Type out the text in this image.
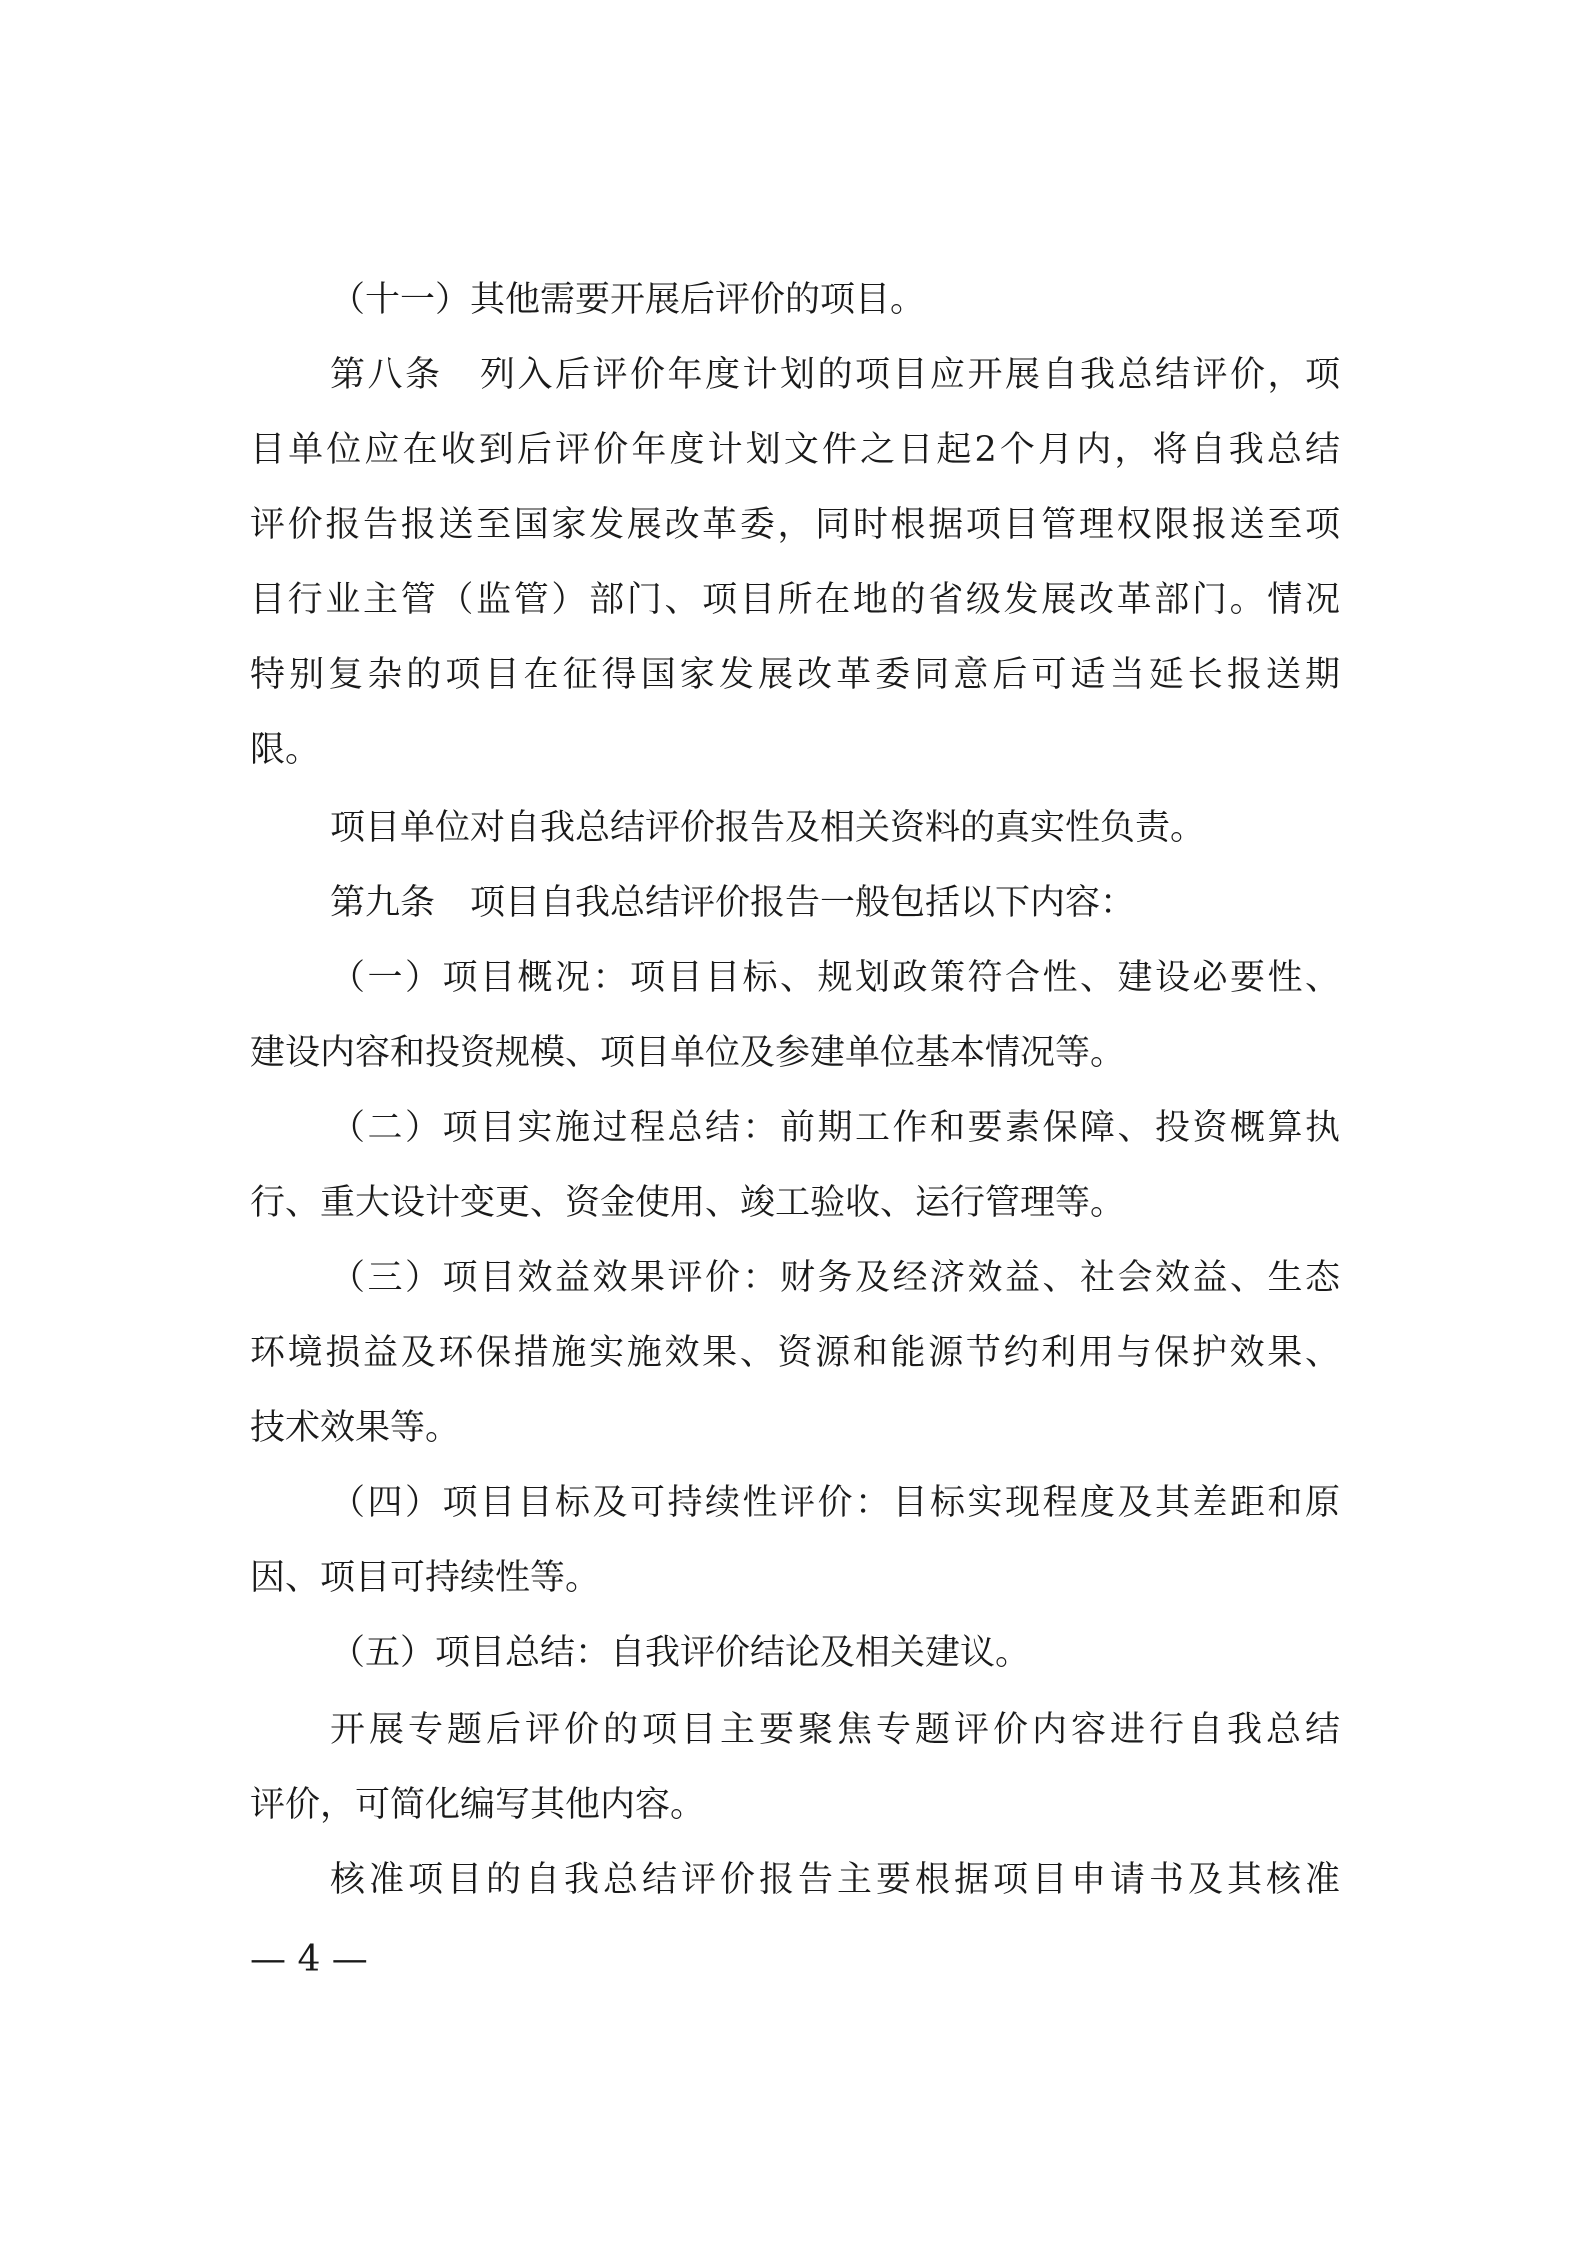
（十一）其他需要开展后评价的项目。
第八条　列入后评价年度计划的项目应开展自我总结评价，项
目单位应在收到后评价年度计划文件之日起2个月内，将自我总结
评价报告报送至国家发展改革委，同时根据项目管理权限报送至项
目行业主管（监管）部门、项目所在地的省级发展改革部门。情况
特别复杂的项目在征得国家发展改革委同意后可适当延长报送期
限。
项目单位对自我总结评价报告及相关资料的真实性负责。
第九条　项目自我总结评价报告一般包括以下内容：
（一）项目概况：项目目标、规划政策符合性、建设必要性、
建设内容和投资规模、项目单位及参建单位基本情况等。
（二）项目实施过程总结：前期工作和要素保障、投资概算执
行、重大设计变更、资金使用、竣工验收、运行管理等。
（三）项目效益效果评价：财务及经济效益、社会效益、生态
环境损益及环保措施实施效果、资源和能源节约利用与保护效果、
技术效果等。
（四）项目目标及可持续性评价：目标实现程度及其差距和原
因、项目可持续性等。
（五）项目总结：自我评价结论及相关建议。
开展专题后评价的项目主要聚焦专题评价内容进行自我总结
评价，可简化编写其他内容。
核准项目的自我总结评价报告主要根据项目申请书及其核准
— 4 —
